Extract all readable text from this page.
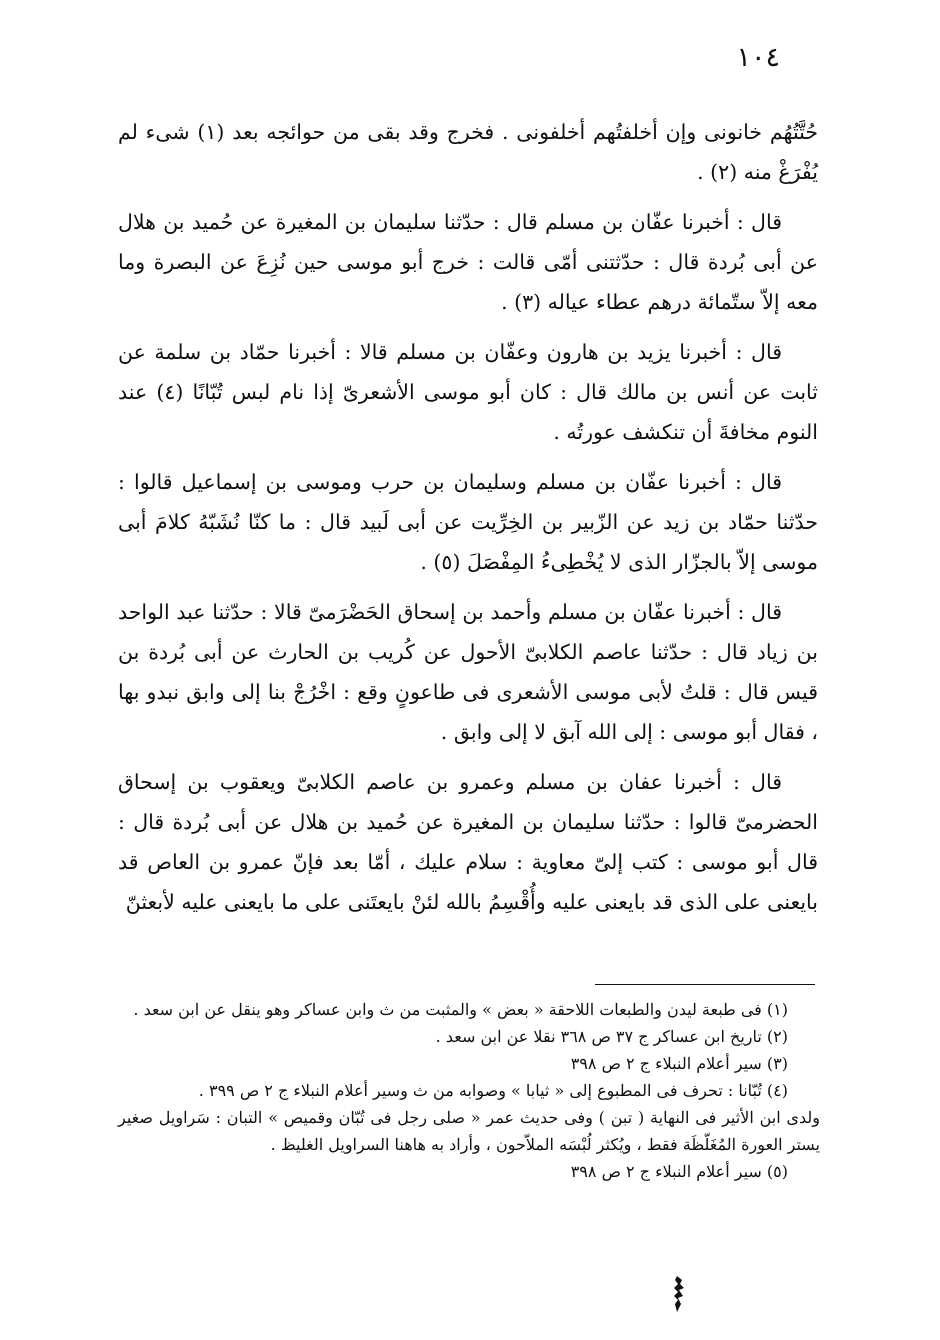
١٠٤

حُتَّتُهُم خانونى وإن أخلفتُهم أخلفونى . فخرج وقد بقى من حوائجه بعد (١) شىء لم يُفْرَغْ منه (٢) .

قال : أخبرنا عفّان بن مسلم قال : حدّثنا سليمان بن المغيرة عن حُميد بن هلال عن أبى بُردة قال : حدّثتنى أمّى قالت : خرج أبو موسى حين نُزِعَ عن البصرة وما معه إلاّ ستّمائة درهم عطاء عياله (٣) .

قال : أخبرنا يزيد بن هارون وعفّان بن مسلم قالا : أخبرنا حمّاد بن سلمة عن ثابت عن أنس بن مالك قال : كان أبو موسى الأشعرىّ إذا نام لبس تُبّانًا (٤) عند النوم مخافةَ أن تنكشف عورتُه .

قال : أخبرنا عفّان بن مسلم وسليمان بن حرب وموسى بن إسماعيل قالوا : حدّثنا حمّاد بن زيد عن الزّبير بن الخِرِّيت عن أبى لَبيد قال : ما كنّا نُشَبّهُ كلامَ أبى موسى إلاّ بالجزّار الذى لا يُخْطِىءُ المِفْصَلَ (٥) .

قال : أخبرنا عفّان بن مسلم وأحمد بن إسحاق الحَضْرَمىّ قالا : حدّثنا عبد الواحد بن زياد قال : حدّثنا عاصم الكلابىّ الأحول عن كُريب بن الحارث عن أبى بُردة بن قيس قال : قلتُ لأبى موسى الأشعرى فى طاعونٍ وقع : اخْرُجْ بنا إلى وابق نبدو بها ، فقال أبو موسى : إلى الله آبق لا إلى وابق .

قال : أخبرنا عفان بن مسلم وعمرو بن عاصم الكلابىّ ويعقوب بن إسحاق الحضرمىّ قالوا : حدّثنا سليمان بن المغيرة عن حُميد بن هلال عن أبى بُردة قال : قال أبو موسى : كتب إلىّ معاوية : سلام عليك ، أمّا بعد فإنّ عمرو بن العاص قد بايعنى على الذى قد بايعنى عليه وأُقْسِمُ بالله لئنْ بايعتَنى على ما بايعنى عليه لأبعثنّ

(١) فى طبعة ليدن والطبعات اللاحقة « بعض » والمثبت من ث وابن عساكر وهو ينقل عن ابن سعد .

(٢) تاريخ ابن عساكر ج ٣٧ ص ٣٦٨ نقلا عن ابن سعد .

(٣) سير أعلام النبلاء ج ٢ ص ٣٩٨

(٤) تُبّانا : تحرف فى المطبوع إلى « ثيابا » وصوابه من ث وسير أعلام النبلاء ج ٢ ص ٣٩٩ .

ولدى ابن الأثير فى النهاية ( تبن ) وفى حديث عمر « صلى رجل فى تُبّان وقميص » التبان : سَراويل صغير يستر العورة المُغَلّظَة فقط ، ويُكثر لُبْسَه الملاّحون ، وأراد به هاهنا السراويل الغليظ .

(٥) سير أعلام النبلاء ج ٢ ص ٣٩٨
